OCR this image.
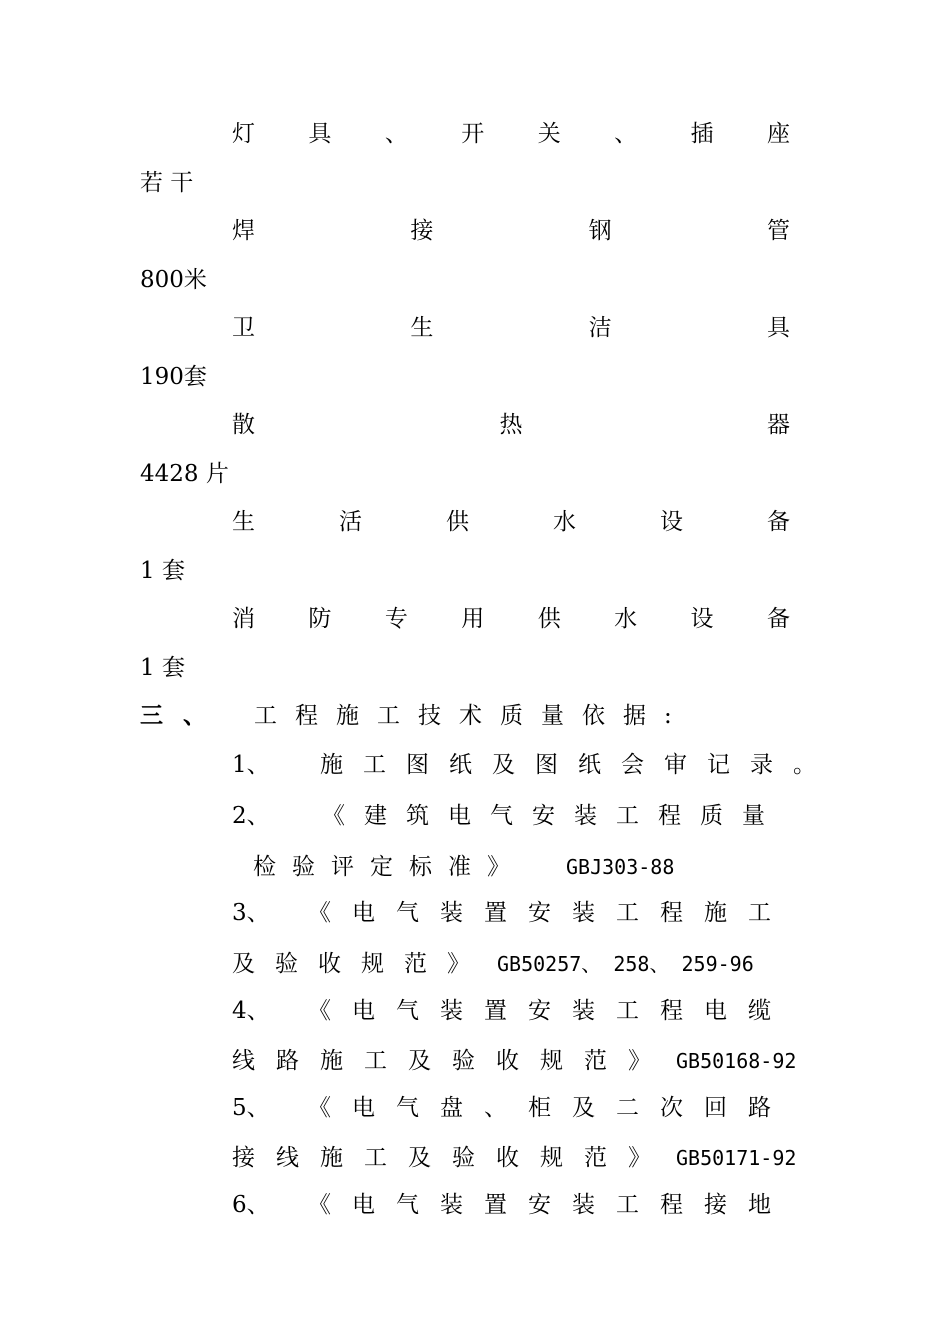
灯 具 、 开 关 、 插 座
若 干
焊	接	钢	管
800米
卫	生	洁	具
190套
散	热	器
4428 片
生	活	供	水	设	备
1 套
消 防 专 用 供 水 设 备
1 套
三 、 工程施工技术质量依据:
1、 施工图纸及图纸会审记录。
2、 《建筑电气安装工程质量
检验评定标准》 GBJ303-88
3、 《电气装置安装工程施工
及验收规范》 GB50257、 258、 259-96
4、 《电气装置安装工程电缆
线路施工及验收规范》 GB50168-92
5、 《电气盘、柜及二次回路
接线施工及验收规范》 GB50171-92
6、 《电气装置安装工程接地
